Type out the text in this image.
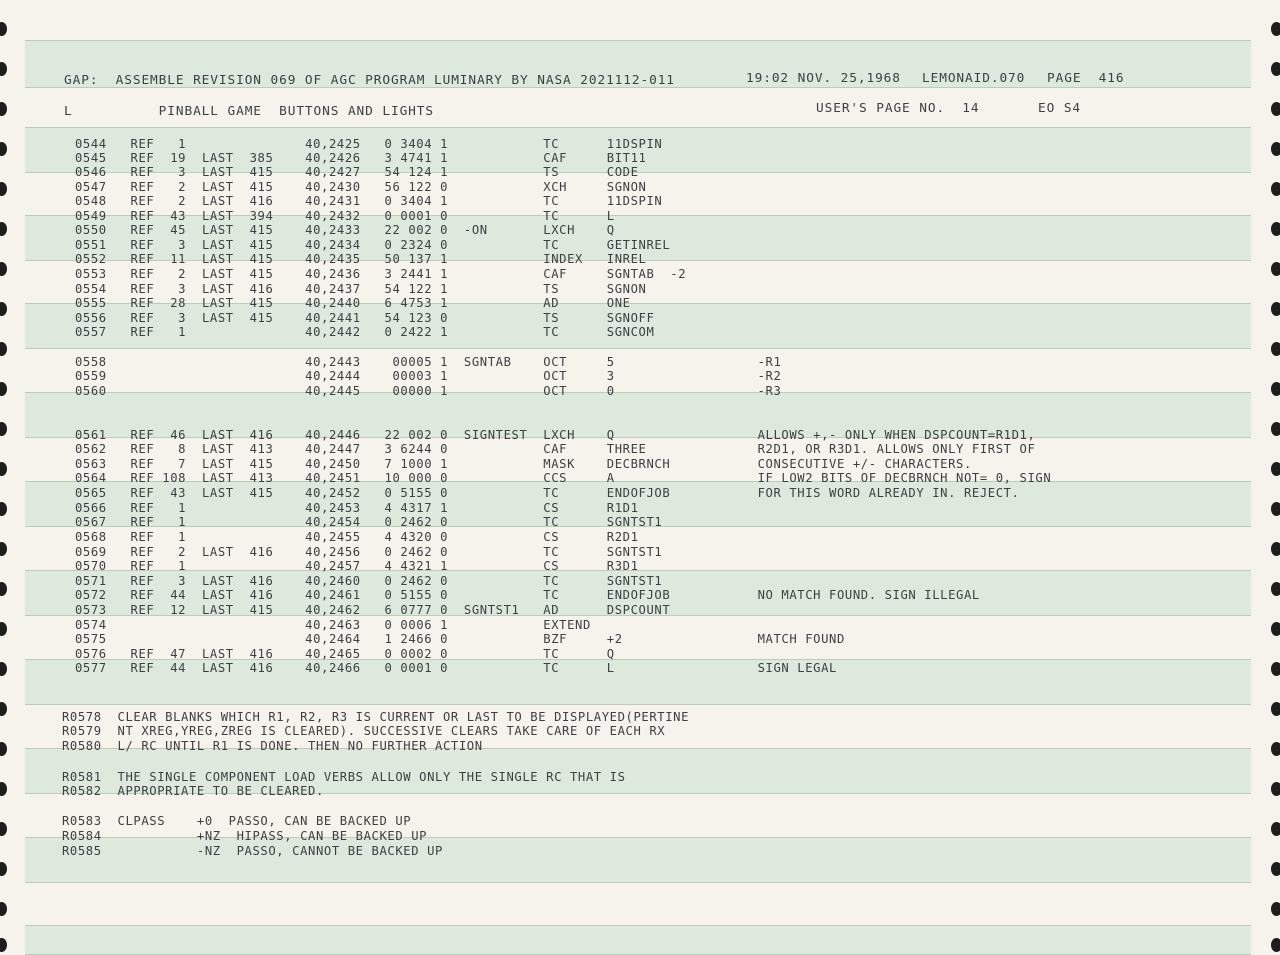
GAP:  ASSEMBLE REVISION 069 OF AGC PROGRAM LUMINARY BY NASA 2021112-011	19:02 NOV. 25,1968 LEMONAID.070 PAGE  416
L          PINBALL GAME  BUTTONS AND LIGHTS	USER'S PAGE NO.  14	EO S4
0544   REF   1               40,2425   0 3404 1            TC      11DSPIN
0545   REF  19  LAST  385    40,2426   3 4741 1            CAF     BIT11
0546   REF   3  LAST  415    40,2427   54 124 1            TS      CODE
0547   REF   2  LAST  415    40,2430   56 122 0            XCH     SGNON
0548   REF   2  LAST  416    40,2431   0 3404 1            TC      11DSPIN
0549   REF  43  LAST  394    40,2432   0 0001 0            TC      L
0550   REF  45  LAST  415    40,2433   22 002 0  -ON       LXCH    Q
0551   REF   3  LAST  415    40,2434   0 2324 0            TC      GETINREL
0552   REF  11  LAST  415    40,2435   50 137 1            INDEX   INREL
0553   REF   2  LAST  415    40,2436   3 2441 1            CAF     SGNTAB  -2
0554   REF   3  LAST  416    40,2437   54 122 1            TS      SGNON
0555   REF  28  LAST  415    40,2440   6 4753 1            AD      ONE
0556   REF   3  LAST  415    40,2441   54 123 0            TS      SGNOFF
0557   REF   1               40,2442   0 2422 1            TC      SGNCOM
0558                         40,2443    00005 1  SGNTAB    OCT     5                  -R1
0559                         40,2444    00003 1            OCT     3                  -R2
0560                         40,2445    00000 1            OCT     0                  -R3
0561   REF  46  LAST  416    40,2446   22 002 0  SIGNTEST  LXCH    Q                  ALLOWS +,- ONLY WHEN DSPCOUNT=R1D1,
0562   REF   8  LAST  413    40,2447   3 6244 0            CAF     THREE              R2D1, OR R3D1. ALLOWS ONLY FIRST OF
0563   REF   7  LAST  415    40,2450   7 1000 1            MASK    DECBRNCH           CONSECUTIVE +/- CHARACTERS.
0564   REF 108  LAST  413    40,2451   10 000 0            CCS     A                  IF LOW2 BITS OF DECBRNCH NOT= 0, SIGN
0565   REF  43  LAST  415    40,2452   0 5155 0            TC      ENDOFJOB           FOR THIS WORD ALREADY IN. REJECT.
0566   REF   1               40,2453   4 4317 1            CS      R1D1
0567   REF   1               40,2454   0 2462 0            TC      SGNTST1
0568   REF   1               40,2455   4 4320 0            CS      R2D1
0569   REF   2  LAST  416    40,2456   0 2462 0            TC      SGNTST1
0570   REF   1               40,2457   4 4321 1            CS      R3D1
0571   REF   3  LAST  416    40,2460   0 2462 0            TC      SGNTST1
0572   REF  44  LAST  416    40,2461   0 5155 0            TC      ENDOFJOB           NO MATCH FOUND. SIGN ILLEGAL
0573   REF  12  LAST  415    40,2462   6 0777 0  SGNTST1   AD      DSPCOUNT
0574                         40,2463   0 0006 1            EXTEND
0575                         40,2464   1 2466 0            BZF     +2                 MATCH FOUND
0576   REF  47  LAST  416    40,2465   0 0002 0            TC      Q
0577   REF  44  LAST  416    40,2466   0 0001 0            TC      L                  SIGN LEGAL
R0578  CLEAR BLANKS WHICH R1, R2, R3 IS CURRENT OR LAST TO BE DISPLAYED(PERTINE
R0579  NT XREG,YREG,ZREG IS CLEARED). SUCCESSIVE CLEARS TAKE CARE OF EACH RX
R0580  L/ RC UNTIL R1 IS DONE. THEN NO FURTHER ACTION
R0581  THE SINGLE COMPONENT LOAD VERBS ALLOW ONLY THE SINGLE RC THAT IS
R0582  APPROPRIATE TO BE CLEARED.
R0583  CLPASS    +0  PASSO, CAN BE BACKED UP
R0584            +NZ  HIPASS, CAN BE BACKED UP
R0585            -NZ  PASSO, CANNOT BE BACKED UP
